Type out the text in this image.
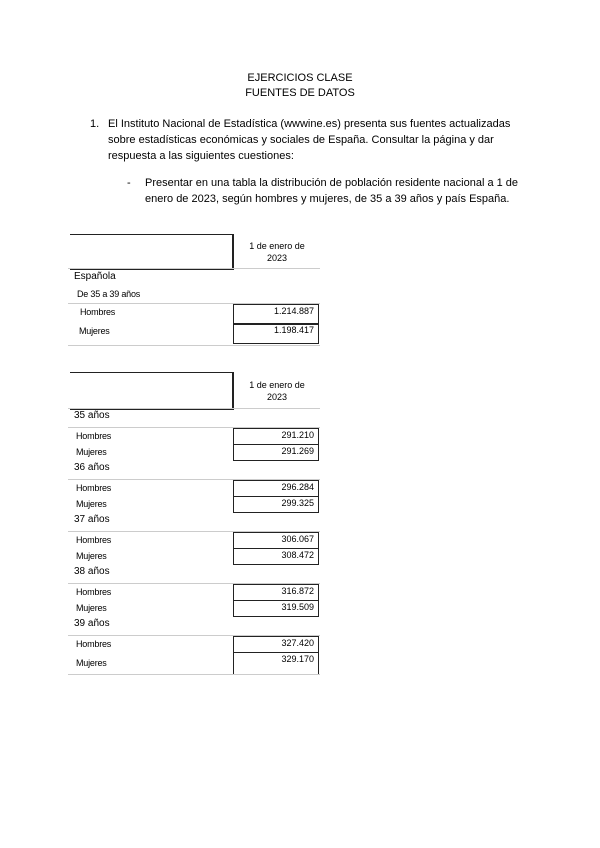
EJERCICIOS CLASE
FUENTES DE DATOS
1. El Instituto Nacional de Estadística (wwwine.es) presenta sus fuentes actualizadas
sobre estadísticas económicas y sociales de España. Consultar la página y dar
respuesta a las siguientes cuestiones:
- Presentar en una tabla la distribución de población residente nacional a 1 de
enero de 2023, según hombres y mujeres, de 35 a 39 años y país España.
1 de enero de
2023
Española
De 35 a 39 años
Hombres	1.214.887
Mujeres	1.198.417
1 de enero de
2023
35 años
Hombres	291.210
Mujeres	291.269
36 años
Hombres	296.284
Mujeres	299.325
37 años
Hombres	306.067
Mujeres	308.472
38 años
Hombres	316.872
Mujeres	319.509
39 años
Hombres	327.420
Mujeres	329.170
